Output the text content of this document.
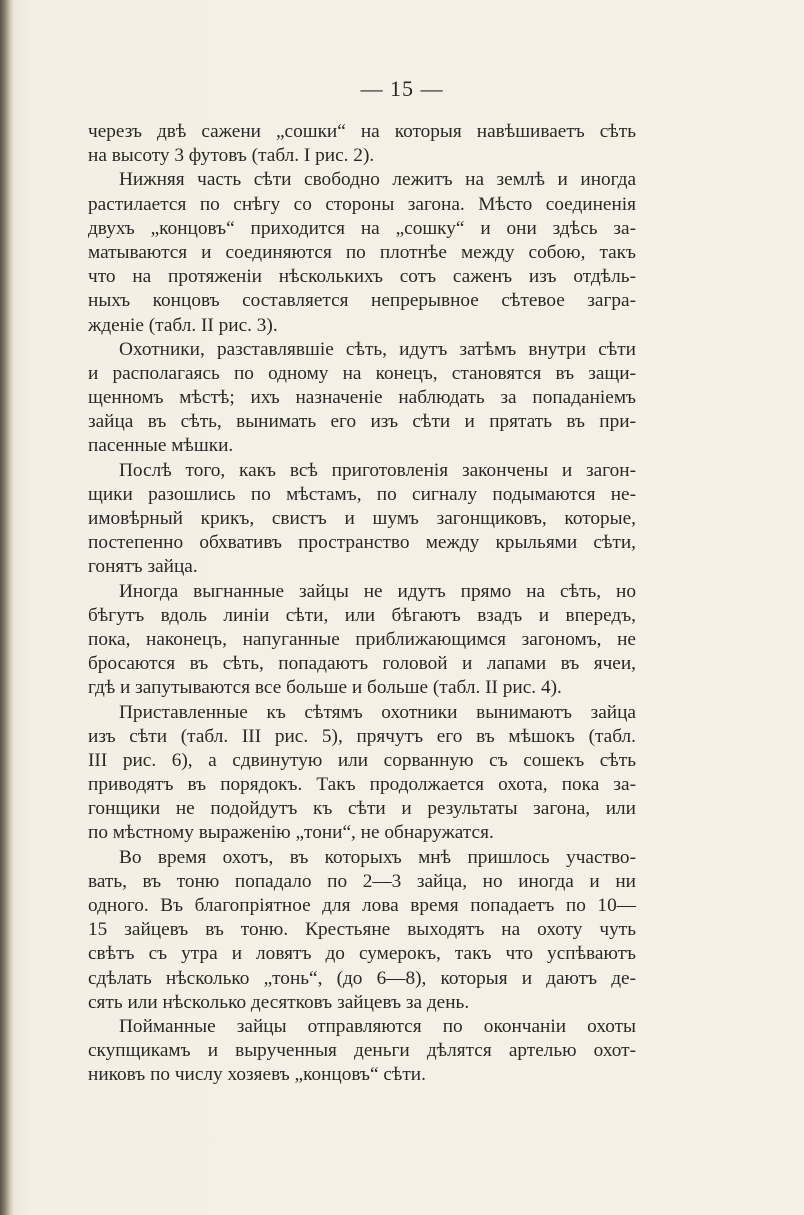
— 15 —
черезъ двѣ сажени „сошки“ на которыя навѣшиваетъ сѣть
на высоту 3 футовъ (табл. I рис. 2).
Нижняя часть сѣти свободно лежитъ на землѣ и иногда
растилается по снѣгу со стороны загона. Мѣсто соединенія
двухъ „концовъ“ приходится на „сошку“ и они здѣсь за-
матываются и соединяются по плотнѣе между собою, такъ
что на протяженіи нѣсколькихъ сотъ саженъ изъ отдѣль-
ныхъ концовъ составляется непрерывное сѣтевое загра-
жденіе (табл. II рис. 3).
Охотники, разставлявшіе сѣть, идутъ затѣмъ внутри сѣти
и располагаясь по одному на конецъ, становятся въ защи-
щенномъ мѣстѣ; ихъ назначеніе наблюдать за попаданіемъ
зайца въ сѣть, вынимать его изъ сѣти и прятать въ при-
пасенные мѣшки.
Послѣ того, какъ всѣ приготовленія закончены и загон-
щики разошлись по мѣстамъ, по сигналу подымаются не-
имовѣрный крикъ, свистъ и шумъ загонщиковъ, которые,
постепенно обхвативъ пространство между крыльями сѣти,
гонятъ зайца.
Иногда выгнанные зайцы не идутъ прямо на сѣть, но
бѣгутъ вдоль линіи сѣти, или бѣгаютъ взадъ и впередъ,
пока, наконецъ, напуганные приближающимся загономъ, не
бросаются въ сѣть, попадаютъ головой и лапами въ ячеи,
гдѣ и запутываются все больше и больше (табл. II рис. 4).
Приставленные къ сѣтямъ охотники вынимаютъ зайца
изъ сѣти (табл. III рис. 5), прячутъ его въ мѣшокъ (табл.
III рис. 6), а сдвинутую или сорванную съ сошекъ сѣть
приводятъ въ порядокъ. Такъ продолжается охота, пока за-
гонщики не подойдутъ къ сѣти и результаты загона, или
по мѣстному выраженію „тони“, не обнаружатся.
Во время охотъ, въ которыхъ мнѣ пришлось участво-
вать, въ тоню попадало по 2—3 зайца, но иногда и ни
одного. Въ благопріятное для лова время попадаетъ по 10—
15 зайцевъ въ тоню. Крестьяне выходятъ на охоту чуть
свѣтъ съ утра и ловятъ до сумерокъ, такъ что успѣваютъ
сдѣлать нѣсколько „тонь“, (до 6—8), которыя и даютъ де-
сять или нѣсколько десятковъ зайцевъ за день.
Пойманные зайцы отправляются по окончаніи охоты
скупщикамъ и вырученныя деньги дѣлятся артелью охот-
никовъ по числу хозяевъ „концовъ“ сѣти.
